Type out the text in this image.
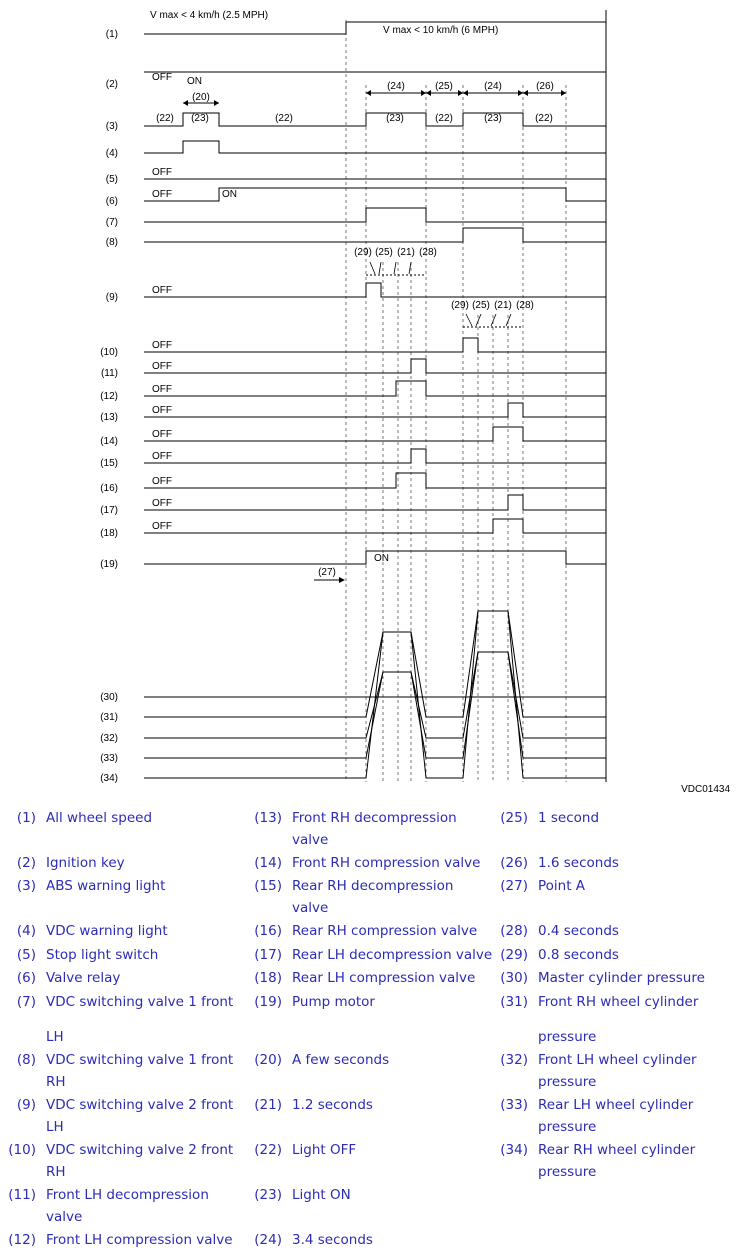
(1)
(2)
(3)
(4)
(5)
(6)
(7)
(8)
(9)
(10)
(11)
(12)
(13)
(14)
(15)
(16)
(17)
(18)
(19)
(30)
(31)
(32)
(33)
(34)
V max < 4 km/h (2.5 MPH)
V max < 10 km/h (6 MPH)
OFF ON
OFF
OFF	ON
OFF
OFF
OFF
OFF
OFF
OFF
OFF
OFF
OFF
OFF
ON
(22) (23)	(22)	(23)	(22)	(23)	(22)
(20)
(24)	(25)	(24)	(26)
(29) (25) (21) (28)
(29) (25) (21) (28)
(27)
VDC01434
(1) All wheel speed
(2) Ignition key
(3) ABS warning light
(4) VDC warning light
(5) Stop light switch
(6) Valve relay
(7) VDC switching valve 1 front
LH
(8) VDC switching valve 1 front
RH
(9) VDC switching valve 2 front
LH
(10) VDC switching valve 2 front
RH
(11) Front LH decompression
valve
(12) Front LH compression valve
(13) Front RH decompression
valve
(14) Front RH compression valve
(15) Rear RH decompression
valve
(16) Rear RH compression valve
(17) Rear LH decompression valve
(18) Rear LH compression valve
(19) Pump motor
(20) A few seconds
(21) 1.2 seconds
(22) Light OFF
(23) Light ON
(24) 3.4 seconds
(25) 1 second
(26) 1.6 seconds
(27) Point A
(28) 0.4 seconds
(29) 0.8 seconds
(30) Master cylinder pressure
(31) Front RH wheel cylinder
pressure
(32) Front LH wheel cylinder
pressure
(33) Rear LH wheel cylinder
pressure
(34) Rear RH wheel cylinder
pressure
